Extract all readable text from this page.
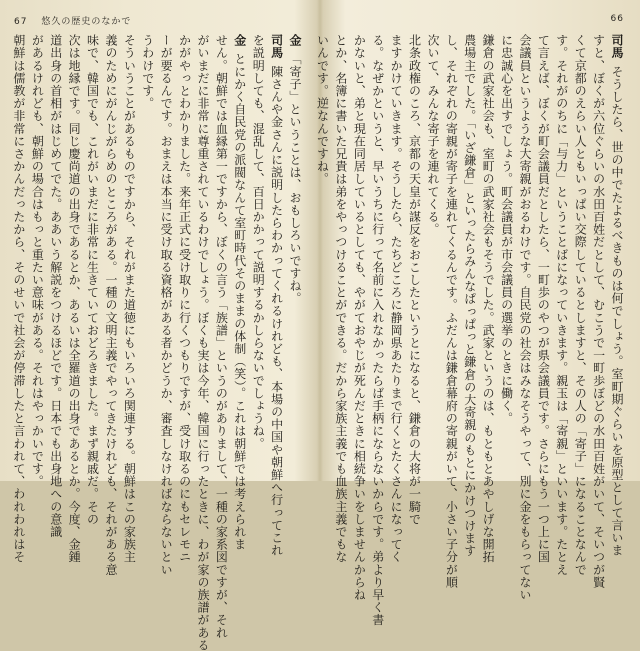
67 悠久の歴史のなかで
金「寄子」ということは、おもしろいですね。
司馬陳さんや金さんに説明したらわかってくれるけれども、本場の中国や朝鮮へ行ってこれ
を説明しても、混乱して、百日かかって説明するかしらないでしょうね。
金とにかく自民党の派閥なんて室町時代そのままの体制（笑）。これは朝鮮では考えられま
せん。朝鮮では血縁第一ですから、ぼくの言う「族譜」というのがありまして、一種の家系図ですが、それ
がいまだに非常に尊重されているわけでしょう。ぼくも実は今年、韓国に行ったときに、わが家の族譜がある
かがやっとわかりました。来年正式に受け取りに行くつもりですが、受け取るのにもセレモニ
ーが要るんです。おまえは本当に受け取る資格がある者かどうか、審査しなければならないとい
うわけです。
そういうことがあるものですから、それがまた道徳にもいろいろ関連する。朝鮮はこの家族主
義のためにがんじがらめのところがある。一種の文明主義でやってきたけれども、それがある意
味で、韓国でも、これがいまだに非常に生きていておどろきました。まず親戚だ。その
次は地縁です。同じ慶尚道の出身であるとか、あるいは全羅道の出身であるとか。今度、金鍾
道出身の首相がはじめてでた。ああいう解説をつけるほどです。日本でも出身地への意識
があるけれども、朝鮮の場合はもっと重たい意味がある。それはやっかいです。
朝鮮は儒教が非常にさかんだったから、そのせいで社会が停滞したと言われて、われわれはそ
66
司馬そうしたら、世の中でたよるべきものは何でしょう。室町期ぐらいを原型として言いま
すと、ぼくが六位ぐらいの水田百姓だとして、むこうで一町歩ぼどの水田百姓がいて、そいつが賢
くて京都のえらい人ともいっぱい交際しているとしますと、その人の「寄子」になることなんで
す。それがのちに「与力」ということばになっていきます。親玉は「寄親」といいます。たとえ
て言えば、ぼくが町会議員だとしたら、一町歩のやつが県会議員です。さらにもう一つ上に国
会議員というような大寄親がおるわけです。自民党の社会はみなそうやって、別に金をもらってない
に忠誠心を出すでしょう。町会議員が市会議員の選挙のときに働く。
鎌倉の武家社会も、室町の武家社会もそうでした。武家というのは、もともとあやしげな開拓
農場主でした。「いざ鎌倉」といったらみんなぱっぱっと鎌倉の大寄親のもとにかけつけます
し、それぞれの寄親が寄子を連れてくるんです。ふだんは鎌倉幕府の寄親がいて、小さい子分が順
次いて、みんな寄子を連れてくる。
北条政権のころ、京都の天皇が謀反をおこしたというとになると、鎌倉の大将が一騎で
ますかけていきます。そうしたら、たちどころに静岡県あたりまで行くとたくさんになってく
る。なぜかというと、早いうちに行って名前に入れなかったらば手柄にならないからです。弟より早く書
かないと、弟と現在同居しているとしても、やがておやじが死んだときに相続争いをしませんからね
とか、名簿に書いた兄貴は弟をやっつけることができる。だから家族主義でも血族主義でもな
いんです。逆なんですね。
